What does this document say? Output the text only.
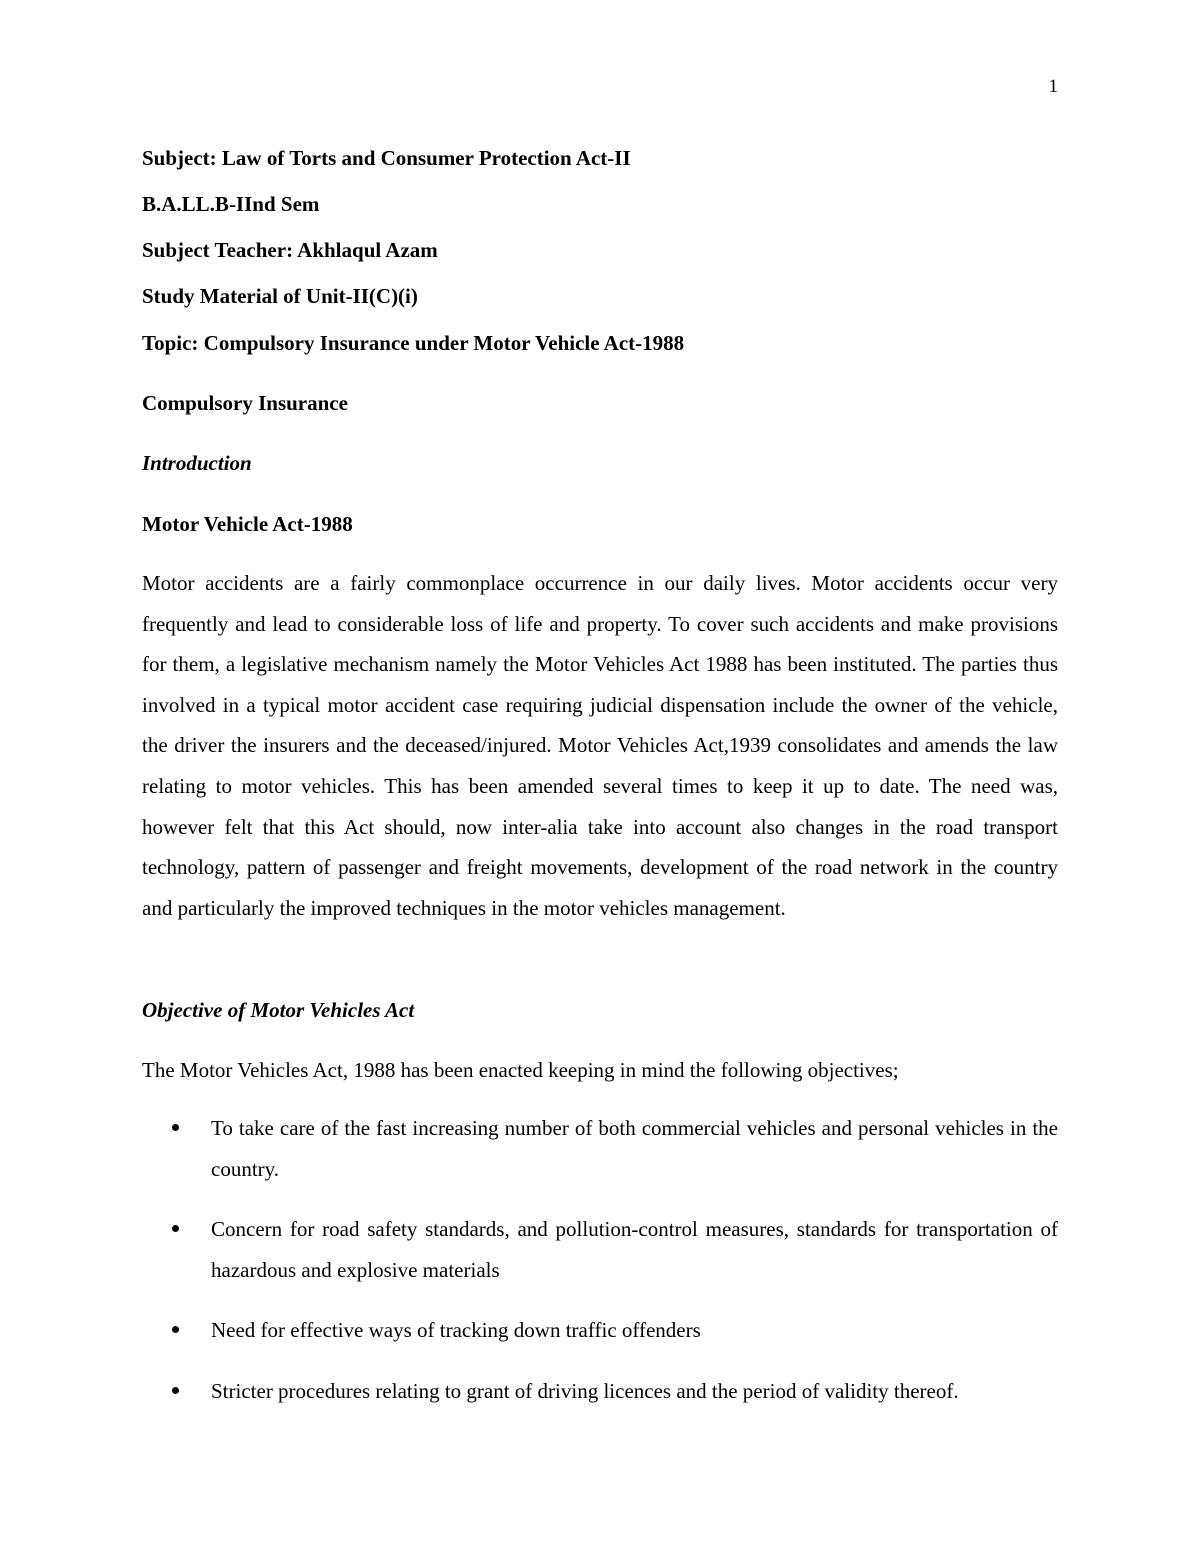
1
Subject: Law of Torts and Consumer Protection Act-II
B.A.LL.B-IInd Sem
Subject Teacher: Akhlaqul Azam
Study Material of Unit-II(C)(i)
Topic: Compulsory Insurance under Motor Vehicle Act-1988
Compulsory Insurance
Introduction
Motor Vehicle Act-1988
Motor accidents are a fairly commonplace occurrence in our daily lives. Motor accidents occur very frequently and lead to considerable loss of life and property. To cover such accidents and make provisions for them, a legislative mechanism namely the Motor Vehicles Act 1988 has been instituted. The parties thus involved in a typical motor accident case requiring judicial dispensation include the owner of the vehicle, the driver the insurers and the deceased/injured. Motor Vehicles Act,1939 consolidates and amends the law relating to motor vehicles. This has been amended several times to keep it up to date. The need was, however felt that this Act should, now inter-alia take into account also changes in the road transport technology, pattern of passenger and freight movements, development of the road network in the country and particularly the improved techniques in the motor vehicles management.
Objective of Motor Vehicles Act
The Motor Vehicles Act, 1988 has been enacted keeping in mind the following objectives;
To take care of the fast increasing number of both commercial vehicles and personal vehicles in the country.
Concern for road safety standards, and pollution-control measures, standards for transportation of hazardous and explosive materials
Need for effective ways of tracking down traffic offenders
Stricter procedures relating to grant of driving licences and the period of validity thereof.
